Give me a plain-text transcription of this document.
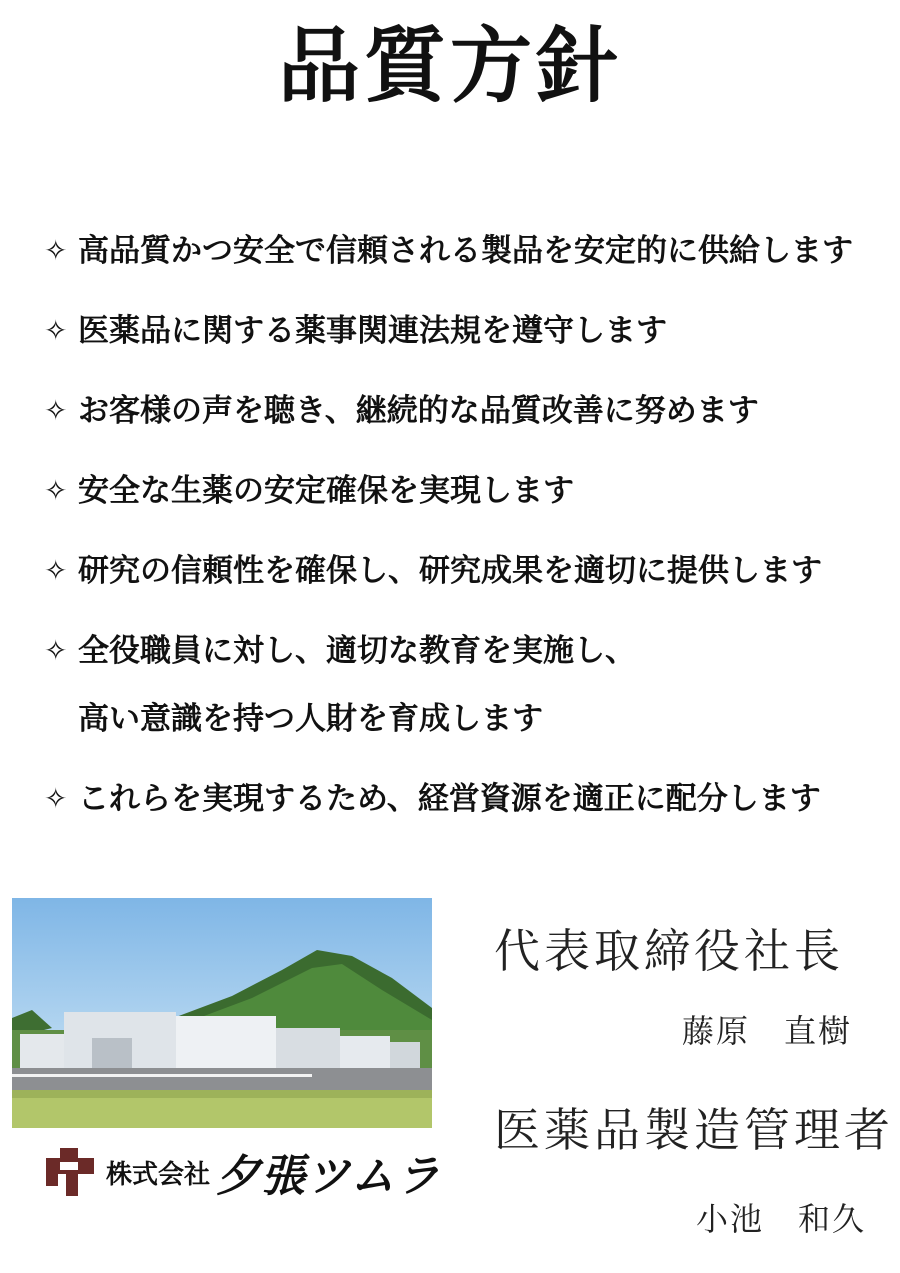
品質方針
✧ 高品質かつ安全で信頼される製品を安定的に供給します
✧ 医薬品に関する薬事関連法規を遵守します
✧ お客様の声を聴き、継続的な品質改善に努めます
✧ 安全な生薬の安定確保を実現します
✧ 研究の信頼性を確保し、研究成果を適切に提供します
✧ 全役職員に対し、適切な教育を実施し、
高い意識を持つ人財を育成します
✧ これらを実現するため、経営資源を適正に配分します
株式会社 夕張ツムラ
代表取締役社長
藤原　直樹
医薬品製造管理者
小池　和久
